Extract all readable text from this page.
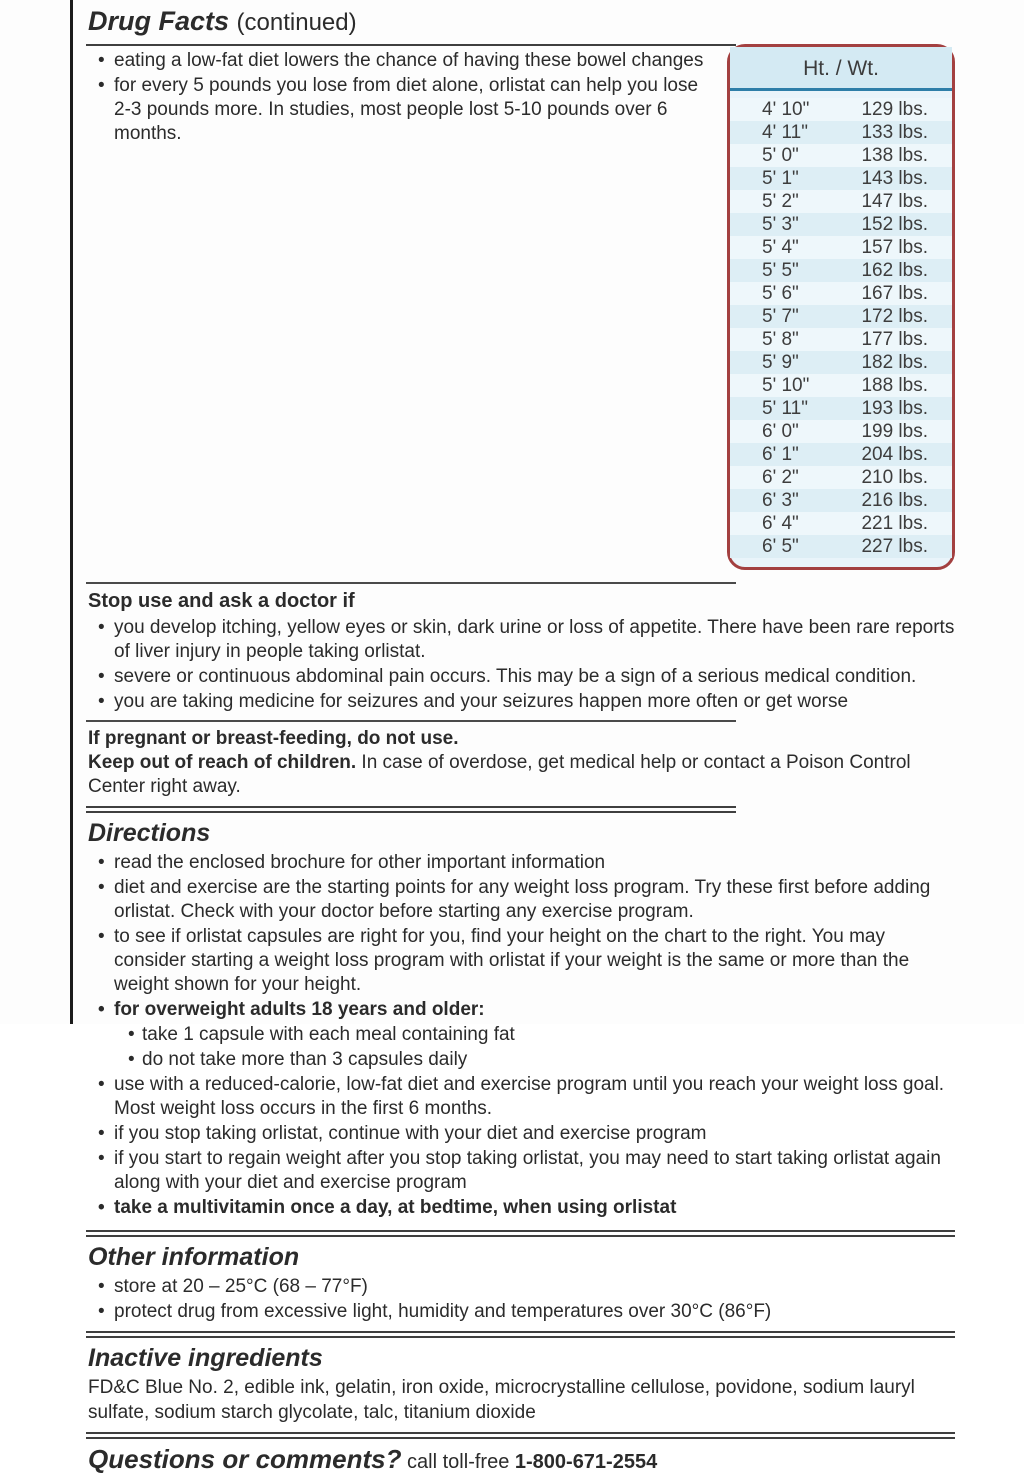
Ht. / Wt.
4' 10"	129 lbs.
4' 11"	133 lbs.
5' 0"	138 lbs.
5' 1"	143 lbs.
5' 2"	147 lbs.
5' 3"	152 lbs.
5' 4"	157 lbs.
5' 5"	162 lbs.
5' 6"	167 lbs.
5' 7"	172 lbs.
5' 8"	177 lbs.
5' 9"	182 lbs.
5' 10"	188 lbs.
5' 11"	193 lbs.
6' 0"	199 lbs.
6' 1"	204 lbs.
6' 2"	210 lbs.
6' 3"	216 lbs.
6' 4"	221 lbs.
6' 5"	227 lbs.
Drug Facts (continued)
• eating a low-fat diet lowers the chance of having these bowel changes
• for every 5 pounds you lose from diet alone, orlistat can help you lose 2-3 pounds more. In studies, most people lost 5-10 pounds over 6 months.
Stop use and ask a doctor if
• you develop itching, yellow eyes or skin, dark urine or loss of appetite. There have been rare reports of liver injury in people taking orlistat.
• severe or continuous abdominal pain occurs. This may be a sign of a serious medical condition.
• you are taking medicine for seizures and your seizures happen more often or get worse
If pregnant or breast-feeding, do not use.
Keep out of reach of children. In case of overdose, get medical help or contact a Poison Control Center right away.
Directions
• read the enclosed brochure for other important information
• diet and exercise are the starting points for any weight loss program. Try these first before adding orlistat. Check with your doctor before starting any exercise program.
• to see if orlistat capsules are right for you, find your height on the chart to the right. You may consider starting a weight loss program with orlistat if your weight is the same or more than the weight shown for your height.
• for overweight adults 18 years and older:
• take 1 capsule with each meal containing fat
• do not take more than 3 capsules daily
• use with a reduced-calorie, low-fat diet and exercise program until you reach your weight loss goal. Most weight loss occurs in the first 6 months.
• if you stop taking orlistat, continue with your diet and exercise program
• if you start to regain weight after you stop taking orlistat, you may need to start taking orlistat again along with your diet and exercise program
• take a multivitamin once a day, at bedtime, when using orlistat
Other information
• store at 20 – 25°C (68 – 77°F)
• protect drug from excessive light, humidity and temperatures over 30°C (86°F)
Inactive ingredients
FD&C Blue No. 2, edible ink, gelatin, iron oxide, microcrystalline cellulose, povidone, sodium lauryl sulfate, sodium starch glycolate, talc, titanium dioxide
Questions or comments? call toll-free 1-800-671-2554
